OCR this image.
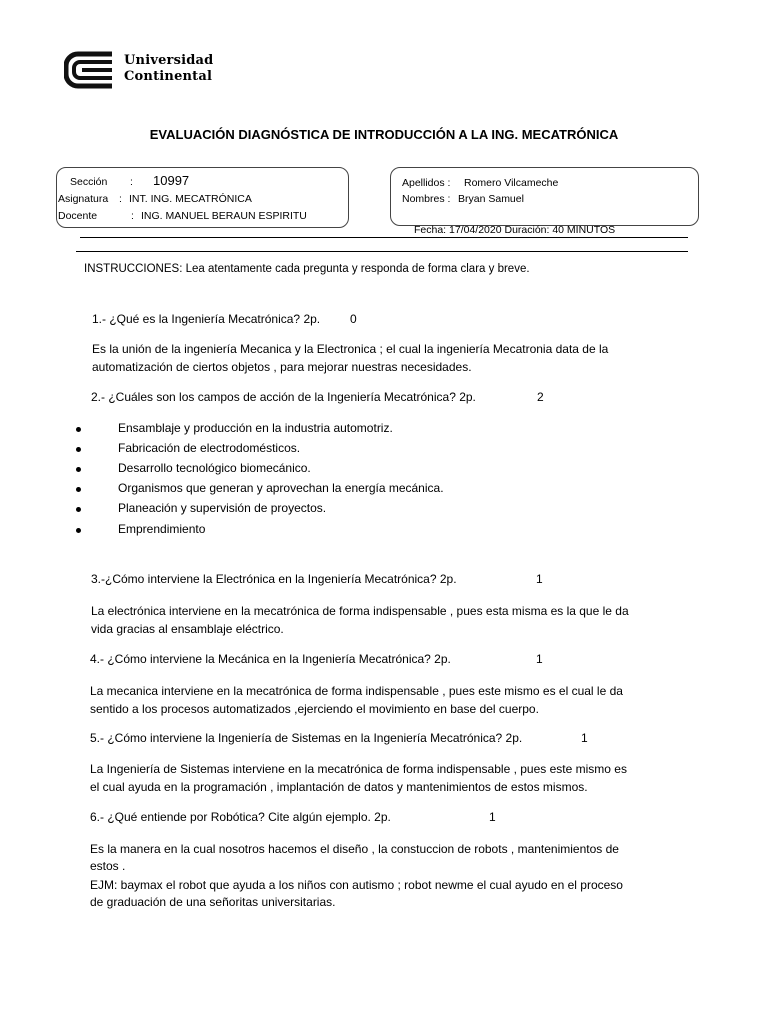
Universidad
Continental
EVALUACIÓN DIAGNÓSTICA DE INTRODUCCIÓN A LA ING. MECATRÓNICA
Sección : 10997
Asignatura : INT. ING. MECATRÓNICA
Docente	: ING. MANUEL BERAUN ESPIRITU
Apellidos : Romero Vilcameche
Nombres : Bryan Samuel
Fecha: 17/04/2020 Duración: 40 MINUTOS
INSTRUCCIONES: Lea atentamente cada pregunta y responda de forma clara y breve.
1.- ¿Qué es la Ingeniería Mecatrónica? 2p. 0
Es la unión de la ingeniería Mecanica y la Electronica ; el cual la ingeniería Mecatronia data de la
automatización de ciertos objetos , para mejorar nuestras necesidades.
2.- ¿Cuáles son los campos de acción de la Ingeniería Mecatrónica? 2p.	2
Ensamblaje y producción en la industria automotriz.
Fabricación de electrodomésticos.
Desarrollo tecnológico biomecánico.
Organismos que generan y aprovechan la energía mecánica.
Planeación y supervisión de proyectos.
Emprendimiento
3.-¿Cómo interviene la Electrónica en la Ingeniería Mecatrónica? 2p.	1
La electrónica interviene en la mecatrónica de forma indispensable , pues esta misma es la que le da
vida gracias al ensamblaje eléctrico.
4.- ¿Cómo interviene la Mecánica en la Ingeniería Mecatrónica? 2p.	1
La mecanica interviene en la mecatrónica de forma indispensable , pues este mismo es el cual le da
sentido a los procesos automatizados ,ejerciendo el movimiento en base del cuerpo.
5.- ¿Cómo interviene la Ingeniería de Sistemas en la Ingeniería Mecatrónica? 2p.	1
La Ingeniería de Sistemas interviene en la mecatrónica de forma indispensable , pues este mismo es
el cual ayuda en la programación , implantación de datos y mantenimientos de estos mismos.
6.- ¿Qué entiende por Robótica? Cite algún ejemplo. 2p.	1
Es la manera en la cual nosotros hacemos el diseño , la constuccion de robots , mantenimientos de
estos .
EJM: baymax el robot que ayuda a los niños con autismo ; robot newme el cual ayudo en el proceso
de graduación de una señoritas universitarias.
